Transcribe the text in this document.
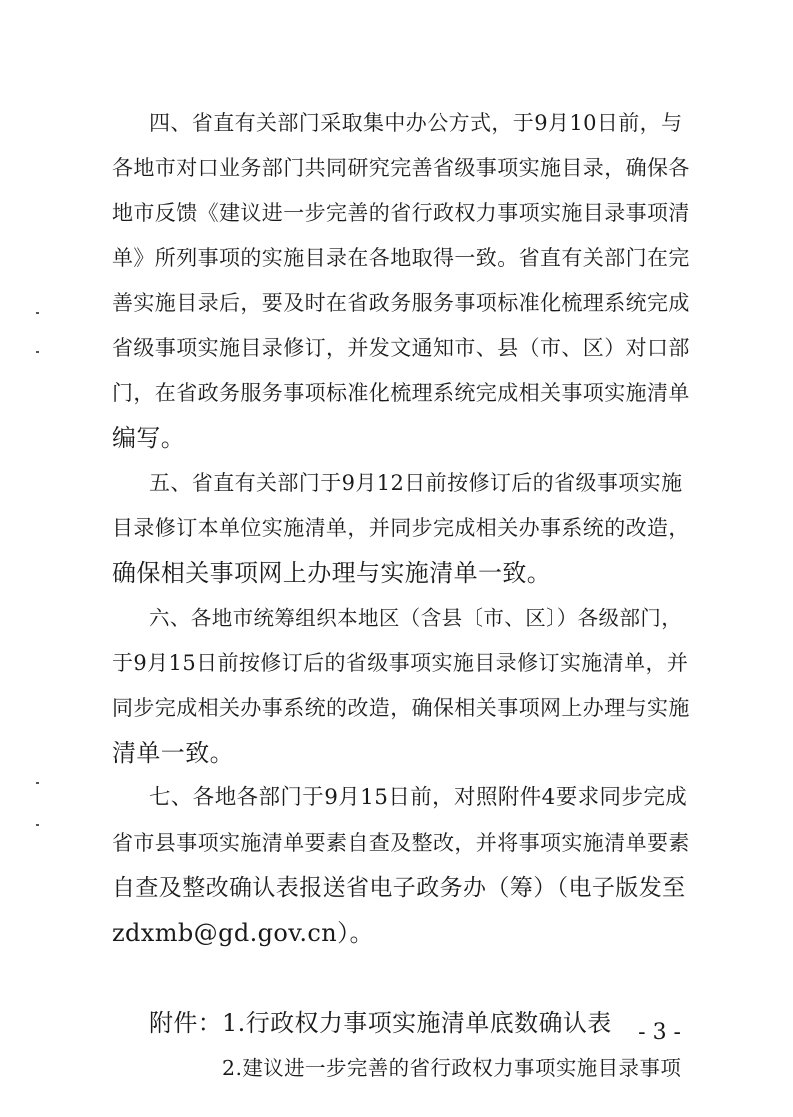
四、省直有关部门采取集中办公方式，于9月10日前，与
各地市对口业务部门共同研究完善省级事项实施目录，确保各
地市反馈《建议进一步完善的省行政权力事项实施目录事项清
单》所列事项的实施目录在各地取得一致。省直有关部门在完
善实施目录后，要及时在省政务服务事项标准化梳理系统完成
省级事项实施目录修订，并发文通知市、县（市、区）对口部
门，在省政务服务事项标准化梳理系统完成相关事项实施清单
编写。
五、省直有关部门于9月12日前按修订后的省级事项实施
目录修订本单位实施清单，并同步完成相关办事系统的改造，
确保相关事项网上办理与实施清单一致。
六、各地市统筹组织本地区（含县〔市、区〕）各级部门，
于9月15日前按修订后的省级事项实施目录修订实施清单，并
同步完成相关办事系统的改造，确保相关事项网上办理与实施
清单一致。
七、各地各部门于9月15日前，对照附件4要求同步完成
省市县事项实施清单要素自查及整改，并将事项实施清单要素
自查及整改确认表报送省电子政务办（筹）（电子版发至
zdxmb@gd.gov.cn）。
附件： 1.行政权力事项实施清单底数确认表
2.建议进一步完善的省行政权力事项实施目录事项
- 3 -
